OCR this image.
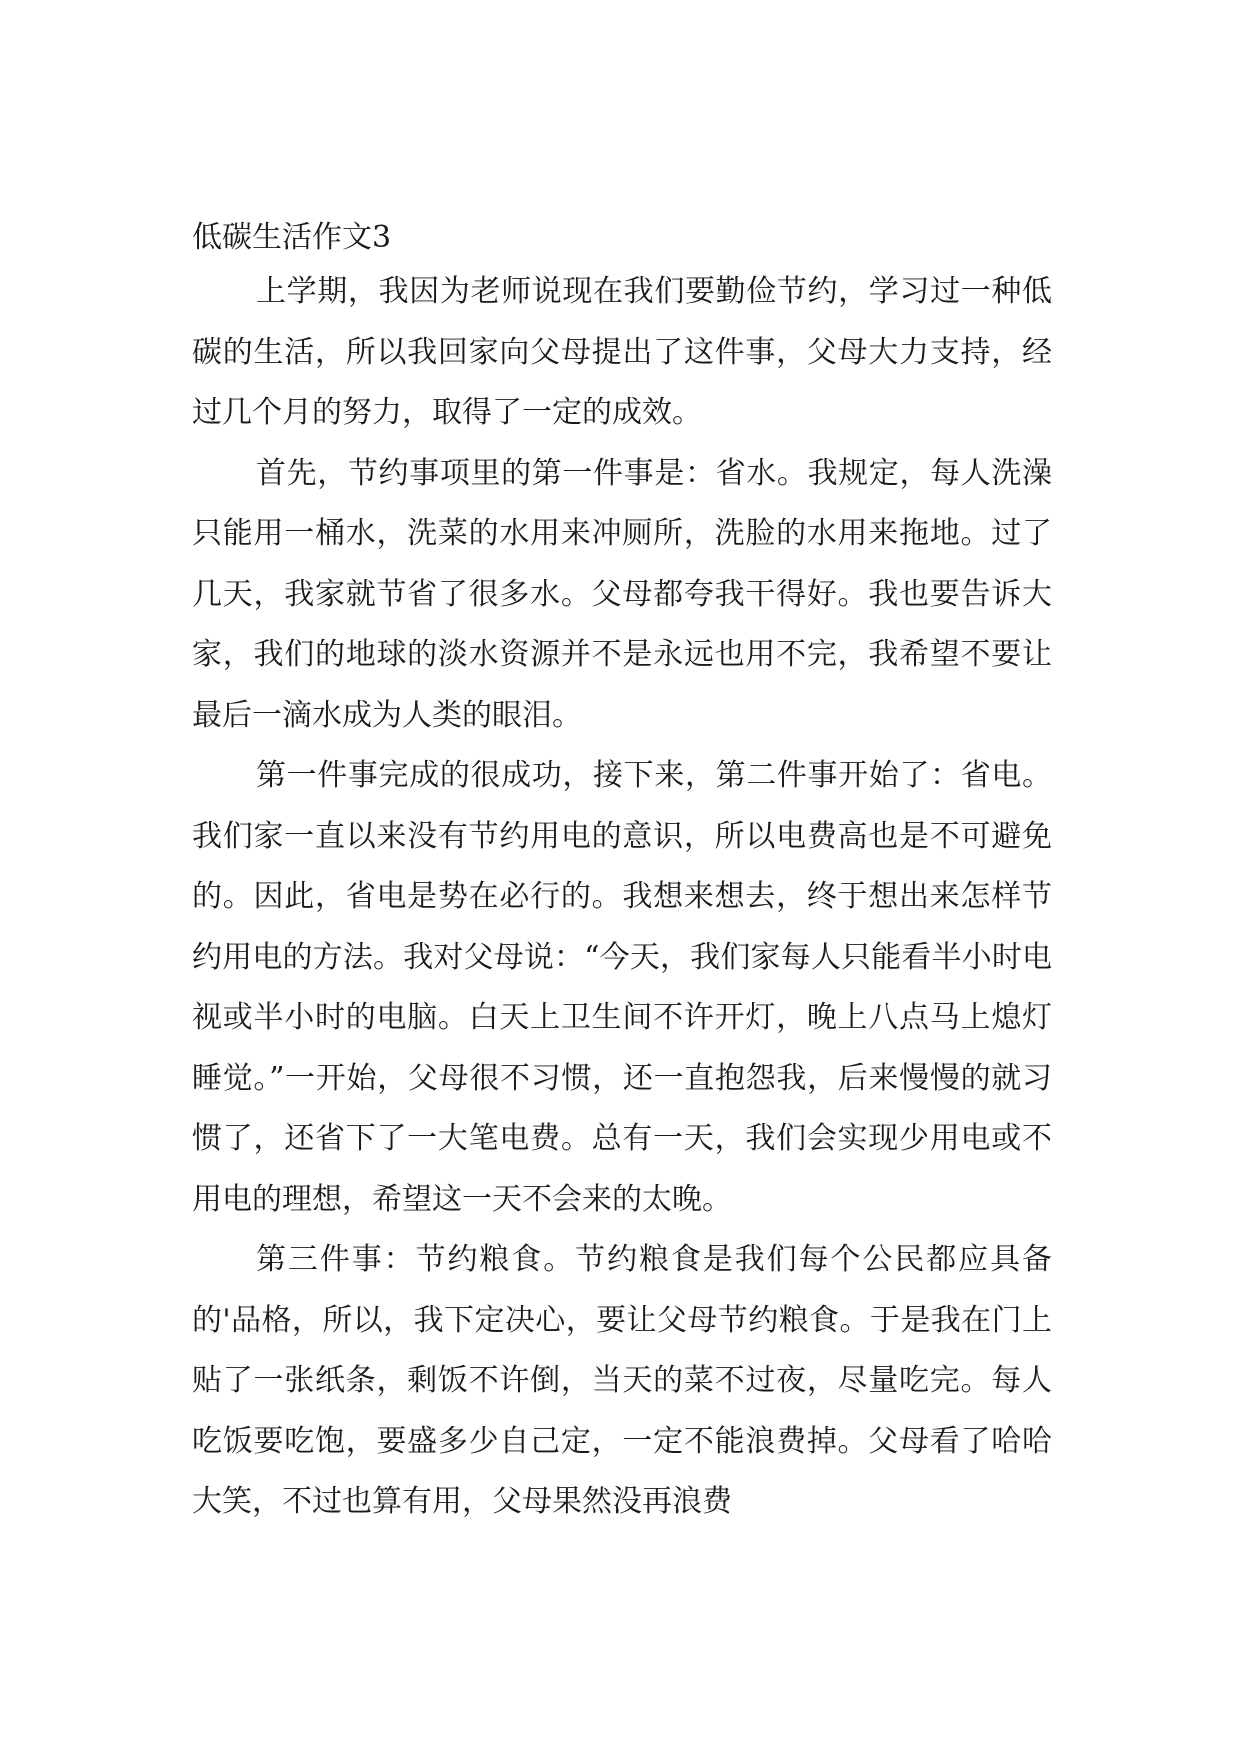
低碳生活作文3

上学期，我因为老师说现在我们要勤俭节约，学习过一种低碳的生活，所以我回家向父母提出了这件事，父母大力支持，经过几个月的努力，取得了一定的成效。

首先，节约事项里的第一件事是：省水。我规定，每人洗澡只能用一桶水，洗菜的水用来冲厕所，洗脸的水用来拖地。过了几天，我家就节省了很多水。父母都夸我干得好。我也要告诉大家，我们的地球的淡水资源并不是永远也用不完，我希望不要让最后一滴水成为人类的眼泪。

第一件事完成的很成功，接下来，第二件事开始了：省电。我们家一直以来没有节约用电的意识，所以电费高也是不可避免的。因此，省电是势在必行的。我想来想去，终于想出来怎样节约用电的方法。我对父母说：“今天，我们家每人只能看半小时电视或半小时的电脑。白天上卫生间不许开灯，晚上八点马上熄灯睡觉。”一开始，父母很不习惯，还一直抱怨我，后来慢慢的就习惯了，还省下了一大笔电费。总有一天，我们会实现少用电或不用电的理想，希望这一天不会来的太晚。

第三件事：节约粮食。节约粮食是我们每个公民都应具备的'品格，所以，我下定决心，要让父母节约粮食。于是我在门上贴了一张纸条，剩饭不许倒，当天的菜不过夜，尽量吃完。每人吃饭要吃饱，要盛多少自己定，一定不能浪费掉。父母看了哈哈大笑，不过也算有用，父母果然没再浪费
